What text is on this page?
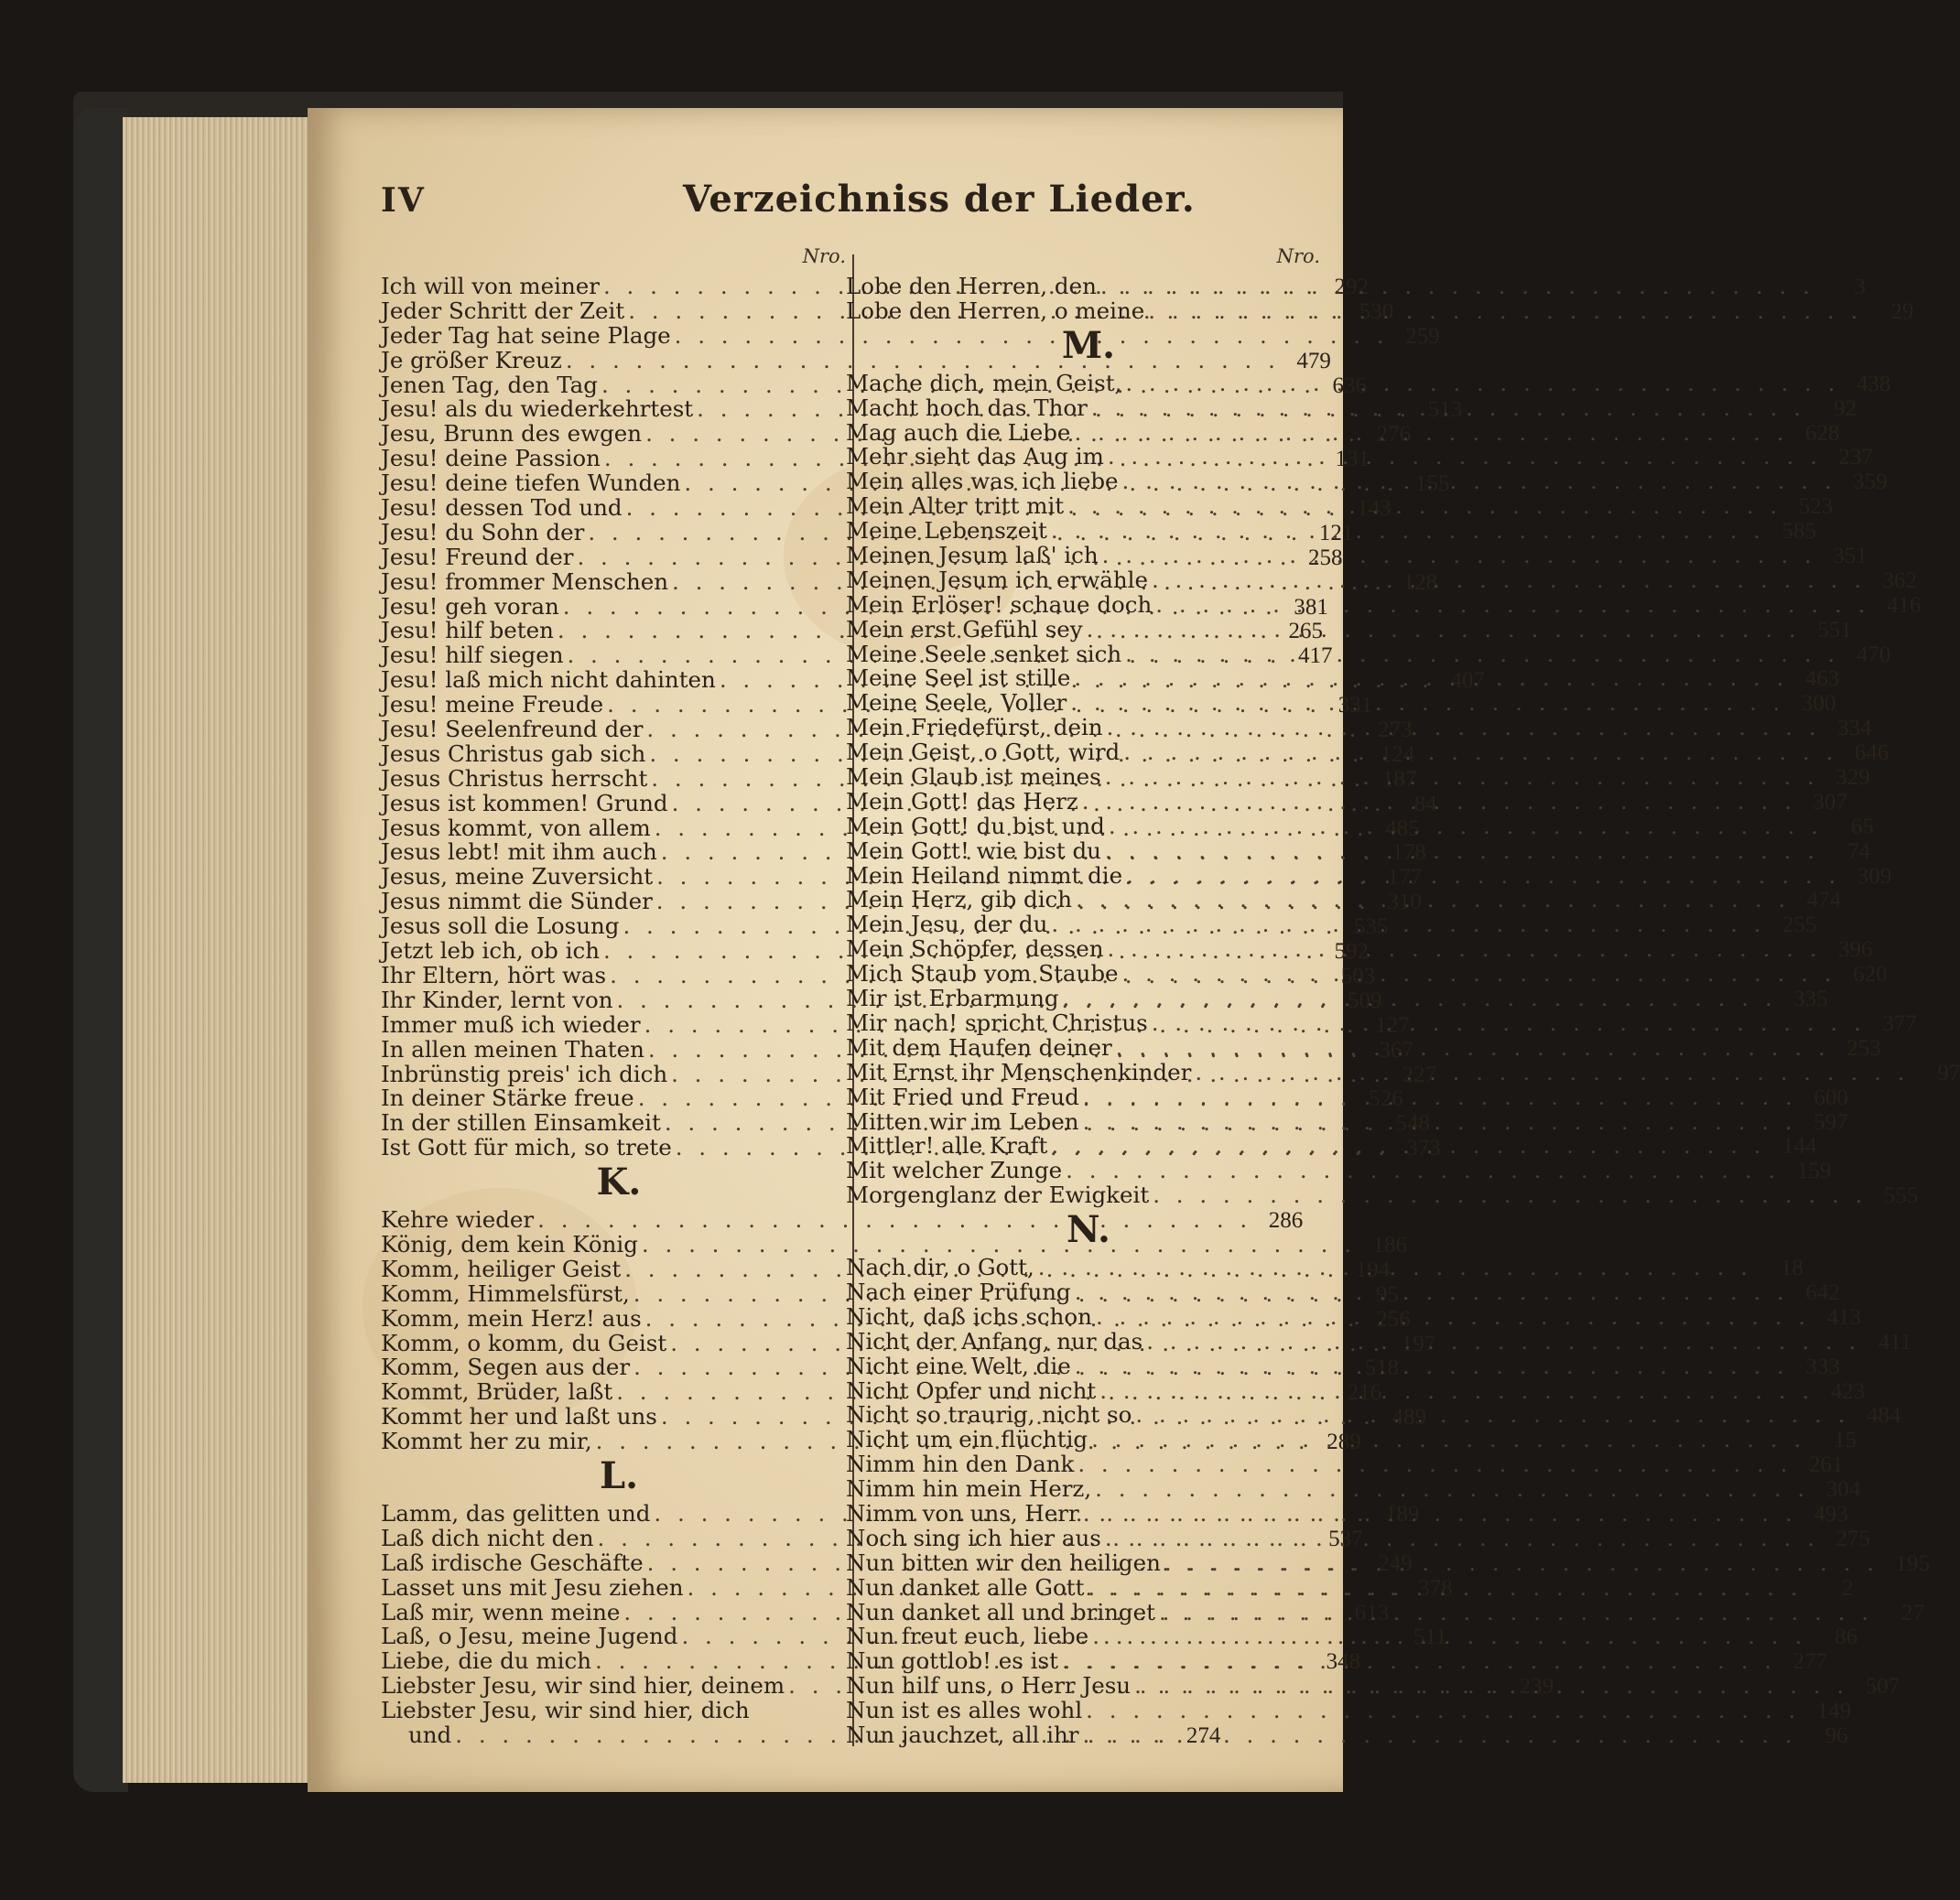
IV	Verzeichniss der Lieder.
Nro.
Ich will von meiner . . .	292
Jeder Schritt der Zeit . . .	530
Jeder Tag hat seine Plage . . .	259
Je größer Kreuz . . .	479
Jenen Tag, den Tag . . .	636
Jesu! als du wiederkehrtest . . .	513
Jesu, Brunn des ewgen . . .	276
Jesu! deine Passion . . .	131
Jesu! deine tiefen Wunden . . .	155
Jesu! dessen Tod und . . .	143
Jesu! du Sohn der . . .	121
Jesu! Freund der . . .	258
Jesu! frommer Menschen . . .	128
Jesu! geh voran . . .	381
Jesu! hilf beten . . .	265
Jesu! hilf siegen . . .	417
Jesu! laß mich nicht dahinten . . .	407
Jesu! meine Freude . . .	331
Jesu! Seelenfreund der . . .	273
Jesus Christus gab sich . . .	124
Jesus Christus herrscht . . .	187
Jesus ist kommen! Grund . . .	84
Jesus kommt, von allem . . .	485
Jesus lebt! mit ihm auch . . .	178
Jesus, meine Zuversicht . . .	177
Jesus nimmt die Sünder . . .	310
Jesus soll die Losung . . .	535
Jetzt leb ich, ob ich . . .	592
Ihr Eltern, hört was . . .	503
Ihr Kinder, lernt von . . .	509
Immer muß ich wieder . . .	127
In allen meinen Thaten . . .	367
Inbrünstig preis' ich dich . . .	227
In deiner Stärke freue . . .	526
In der stillen Einsamkeit . . .	548
Ist Gott für mich, so trete . . .	373
K.
Kehre wieder . . .	286
König, dem kein König . . .	186
Komm, heiliger Geist . . .	194
Komm, Himmelsfürst, . . .	95
Komm, mein Herz! aus . . .	256
Komm, o komm, du Geist . . .	197
Komm, Segen aus der . . .	518
Kommt, Brüder, laßt . . .	216
Kommt her und laßt uns . . .	489
Kommt her zu mir, . . .	289
L.
Lamm, das gelitten und . . .	189
Laß dich nicht den . . .	537
Laß irdische Geschäfte . . .	249
Lasset uns mit Jesu ziehen . . .	378
Laß mir, wenn meine . . .	613
Laß, o Jesu, meine Jugend . . .	511
Liebe, die du mich . . .	348
Liebster Jesu, wir sind hier, deinem . . .	239
Liebster Jesu, wir sind hier, dich
und . . .	274
Nro.
Lobe den Herren, den . . .	3
Lobe den Herren, o meine . . .	29
M.
Mache dich, mein Geist, . . .	438
Macht hoch das Thor . . .	92
Mag auch die Liebe . . .	628
Mehr sieht das Aug im . . .	237
Mein alles was ich liebe . . .	359
Mein Alter tritt mit . . .	523
Meine Lebenszeit . . .	585
Meinen Jesum laß' ich . . .	351
Meinen Jesum ich erwähle . . .	362
Mein Erlöser! schaue doch . . .	416
Mein erst Gefühl sey . . .	551
Meine Seele senket sich . . .	470
Meine Seel ist stille . . .	463
Meine Seele, Voller . . .	300
Mein Friedefürst, dein . . .	334
Mein Geist, o Gott, wird . . .	646
Mein Glaub ist meines . . .	329
Mein Gott! das Herz . . .	307
Mein Gott! du bist und . . .	65
Mein Gott! wie bist du . . .	74
Mein Heiland nimmt die . . .	309
Mein Herz, gib dich . . .	474
Mein Jesu, der du . . .	255
Mein Schöpfer, dessen . . .	396
Mich Staub vom Staube . . .	620
Mir ist Erbarmung . . .	335
Mir nach! spricht Christus . . .	377
Mit dem Haufen deiner . . .	253
Mit Ernst ihr Menschenkinder . . .	97
Mit Fried und Freud . . .	600
Mitten wir im Leben . . .	597
Mittler! alle Kraft . . .	144
Mit welcher Zunge . . .	159
Morgenglanz der Ewigkeit . . .	555
N.
Nach dir, o Gott, . . .	18
Nach einer Prüfung . . .	642
Nicht, daß ichs schon . . .	413
Nicht der Anfang, nur das . . .	411
Nicht eine Welt, die . . .	333
Nicht Opfer und nicht . . .	423
Nicht so traurig, nicht so . . .	484
Nicht um ein flüchtig . . .	15
Nimm hin den Dank . . .	261
Nimm hin mein Herz, . . .	304
Nimm von uns, Herr . . .	493
Noch sing ich hier aus . . .	275
Nun bitten wir den heiligen . . .	195
Nun danket alle Gott . . .	2
Nun danket all und bringet . . .	27
Nun freut euch, liebe . . .	86
Nun gottlob! es ist . . .	277
Nun hilf uns, o Herr Jesu . . .	507
Nun ist es alles wohl . . .	149
Nun jauchzet, all ihr . . .	96
